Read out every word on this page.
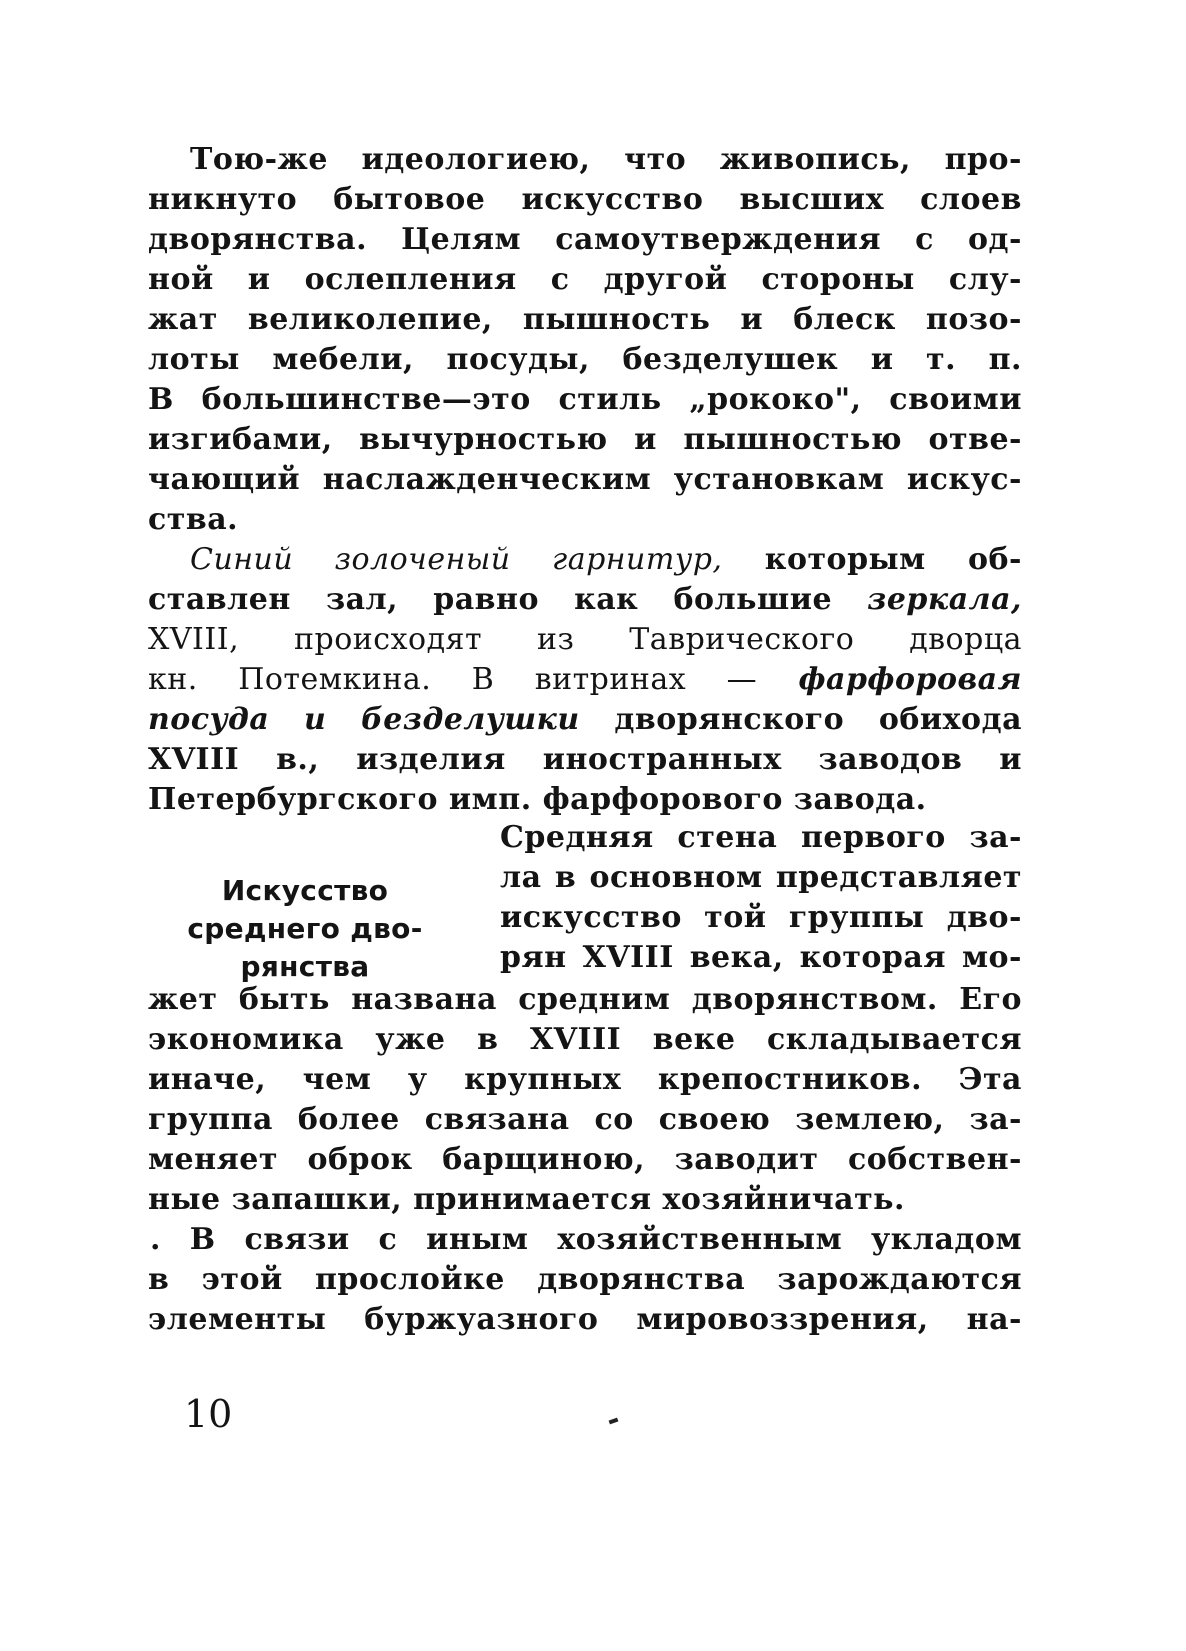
Тою-же идеологиею, что живопись, про-
никнуто бытовое искусство высших слоев
дворянства. Целям самоутверждения с од-
ной и ослепления с другой стороны слу-
жат великолепие, пышность и блеск позо-
лоты мебели, посуды, безделушек и т. п.
В большинстве—это стиль „рококо", своими
изгибами, вычурностью и пышностью отве-
чающий наслажденческим установкам искус-
ства.
Синий золоченый гарнитур, которым об-
ставлен зал, равно как большие зеркала,
XVIII, происходят из Таврического дворца
кн. Потемкина. В витринах — фарфоровая
посуда и безделушки дворянского обихода
XVIII в., изделия иностранных заводов и
Петербургского имп. фарфорового завода.
Искусство
среднего дво-
рянства
Средняя стена первого за-
ла в основном представляет
искусство той группы дво-
рян XVIII века, которая мо-
жет быть названа средним дворянством. Его
экономика уже в XVIII веке складывается
иначе, чем у крупных крепостников. Эта
группа более связана со своею землею, за-
меняет оброк барщиною, заводит собствен-
ные запашки, принимается хозяйничать.
. В связи с иным хозяйственным укладом
в этой прослойке дворянства зарождаются
элементы буржуазного мировоззрения, на-
10
